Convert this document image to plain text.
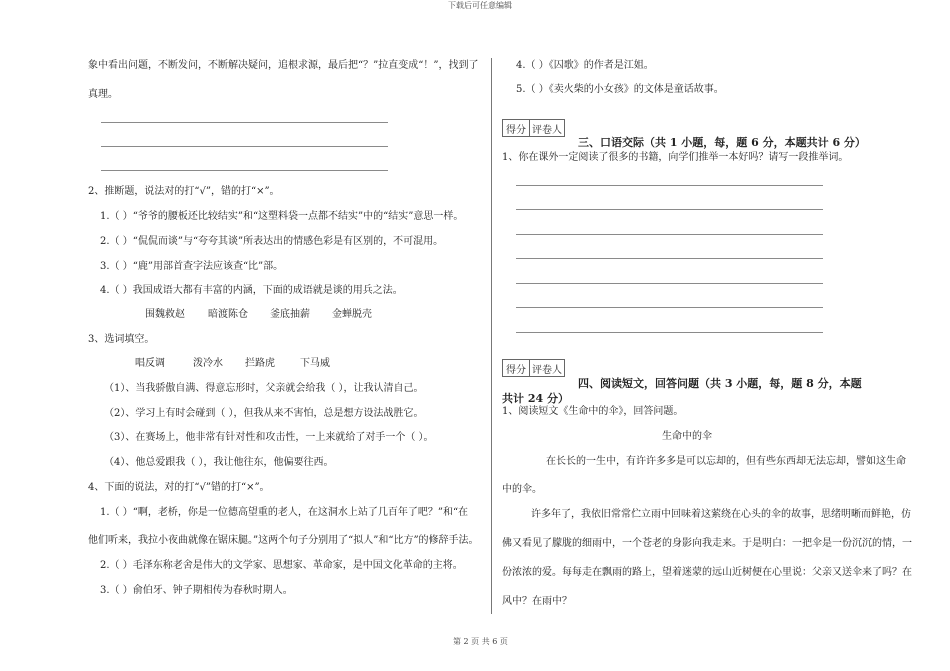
下载后可任意编辑
象中看出问题，不断发问，不断解决疑问，追根求源，最后把“？”拉直变成“！”，找到了
真理。
2、推断题，说法对的打“√”，错的打“×”。
1.（ ）“爷爷的腰板还比较结实”和“这塑料袋一点都不结实”中的“结实”意思一样。
2.（ ）“侃侃而谈”与“夸夸其谈”所表达出的情感色彩是有区别的，不可混用。
3.（ ）“鹿”用部首查字法应该查“比”部。
4.（ ）我国成语大都有丰富的内涵，下面的成语就是谈的用兵之法。
围魏救赵 暗渡陈仓 釜底抽薪 金蝉脱壳
3、选词填空。
唱反调	泼冷水 拦路虎	下马威
（1）、当我骄傲自满、得意忘形时，父亲就会给我（ ），让我认清自己。
（2）、学习上有时会碰到（ ），但我从来不害怕，总是想方设法战胜它。
（3）、在赛场上，他非常有针对性和攻击性，一上来就给了对手一个（ ）。
（4）、他总爱跟我（ ），我让他往东，他偏要往西。
4、下面的说法，对的打“√”错的打“×”。
1.（ ）“啊，老桥，你是一位德高望重的老人，在这洞水上站了几百年了吧？”和“在
他们听来，我拉小夜曲就像在锯床腿。”这两个句子分别用了“拟人”和“比方”的修辞手法。
2.（ ）毛泽东称老舍是伟大的文学家、思想家、革命家，是中国文化革命的主将。
3.（ ）俞伯牙、钟子期相传为春秋时期人。
4.（ ）《囚歌》的作者是江姐。
5.（ ）《卖火柴的小女孩》的文体是童话故事。
得分 评卷人
三、口语交际（共 1 小题，每，题 6 分，本题共计 6 分）
1、你在课外一定阅读了很多的书籍，向学们推举一本好吗？请写一段推举词。
得分 评卷人
四、阅读短文，回答问题（共 3 小题，每，题 8 分，本题
共计 24 分）
1、阅读短文《生命中的伞》，回答问题。
生命中的伞
在长长的一生中，有许许多多是可以忘却的，但有些东西却无法忘却，譬如这生命
中的伞。
许多年了，我依旧常常伫立雨中回味着这萦绕在心头的伞的故事，思绪明晰而鲜艳，仿
佛又看见了朦胧的细雨中，一个苍老的身影向我走来。于是明白：一把伞是一份沉沉的情，一
份浓浓的爱。每每走在飘雨的路上，望着迷蒙的远山近树便在心里说：父亲又送伞来了吗？在
风中？在雨中？
第 2 页 共 6 页
